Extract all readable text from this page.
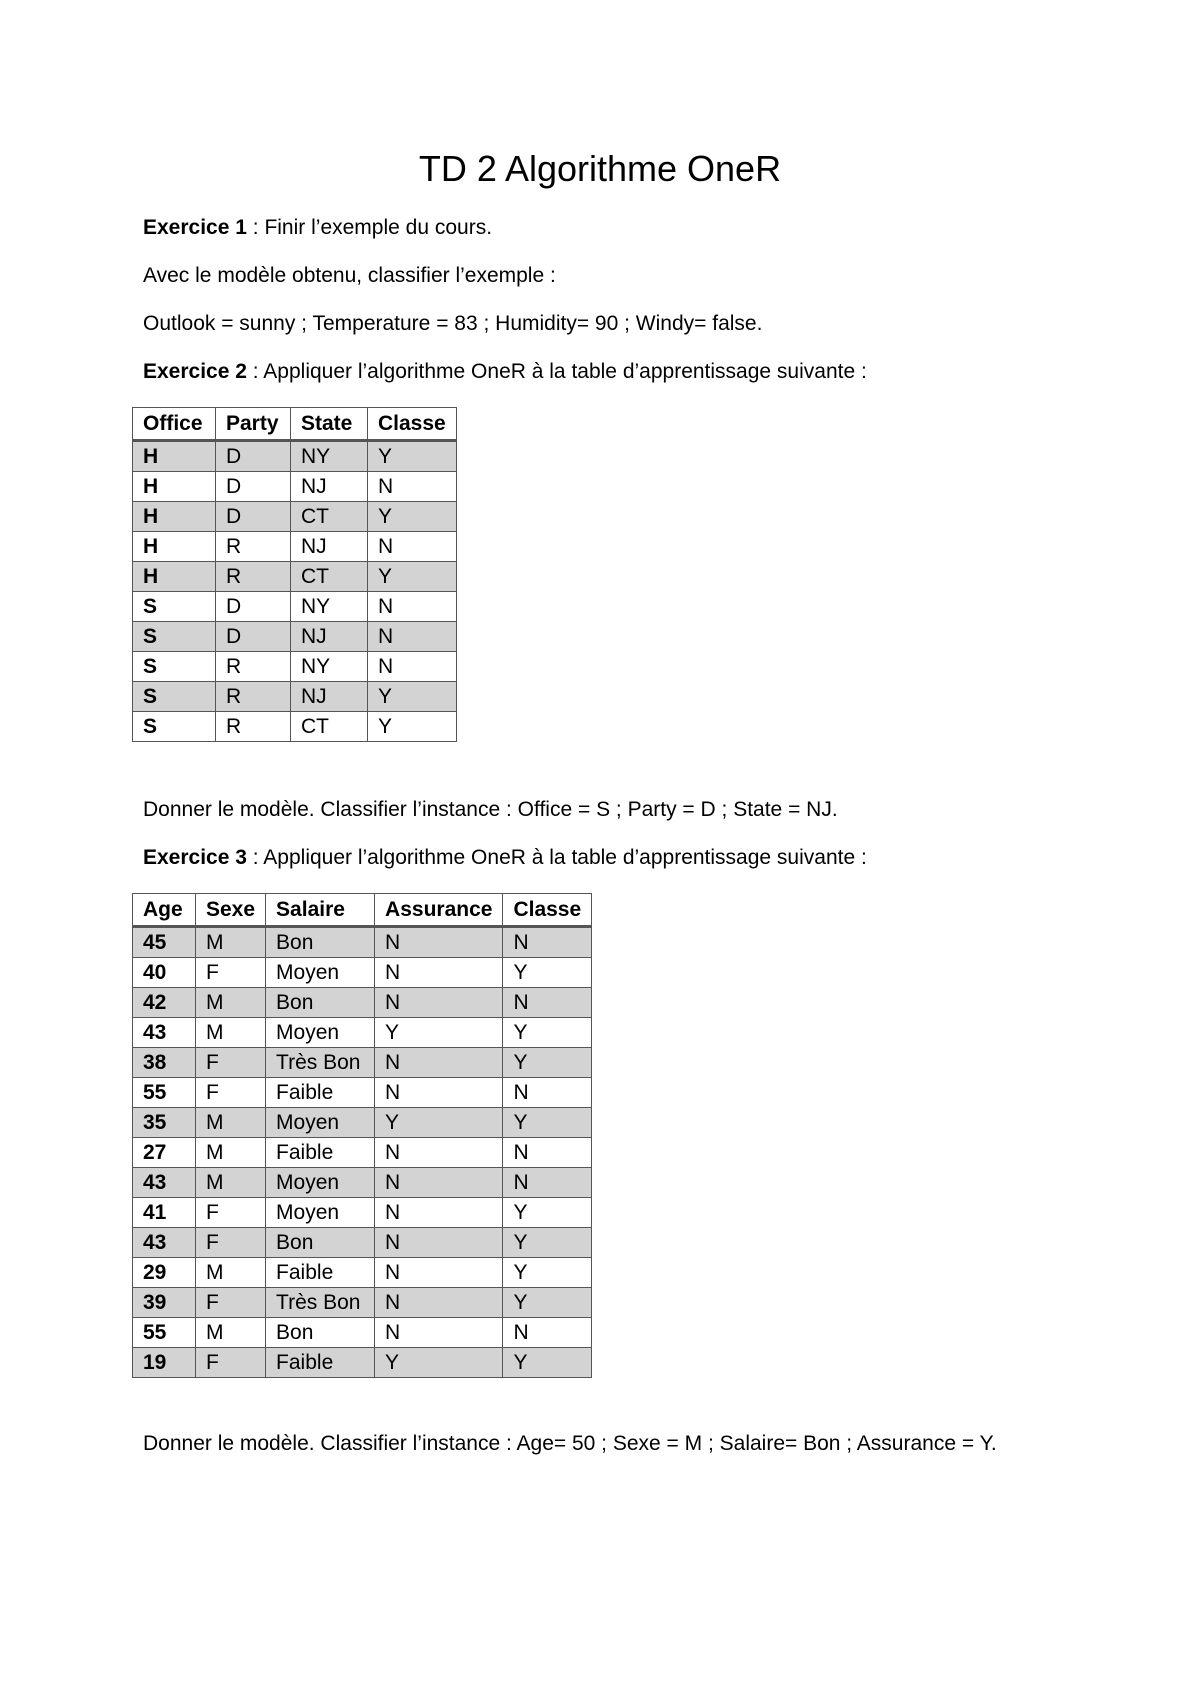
TD 2 Algorithme OneR
Exercice 1 : Finir l’exemple du cours.
Avec le modèle obtenu, classifier l’exemple :
Outlook = sunny ; Temperature = 83 ; Humidity= 90 ; Windy= false.
Exercice 2 : Appliquer l’algorithme OneR à la table d’apprentissage suivante :
Office	Party	State	Classe
H	D	NY	Y
H	D	NJ	N
H	D	CT	Y
H	R	NJ	N
H	R	CT	Y
S	D	NY	N
S	D	NJ	N
S	R	NY	N
S	R	NJ	Y
S	R	CT	Y
Donner le modèle. Classifier l’instance : Office = S ; Party = D ; State = NJ.
Exercice 3 : Appliquer l’algorithme OneR à la table d’apprentissage suivante :
Age	Sexe	Salaire	Assurance	Classe
45	M	Bon	N	N
40	F	Moyen	N	Y
42	M	Bon	N	N
43	M	Moyen	Y	Y
38	F	Très Bon	N	Y
55	F	Faible	N	N
35	M	Moyen	Y	Y
27	M	Faible	N	N
43	M	Moyen	N	N
41	F	Moyen	N	Y
43	F	Bon	N	Y
29	M	Faible	N	Y
39	F	Très Bon	N	Y
55	M	Bon	N	N
19	F	Faible	Y	Y
Donner le modèle. Classifier l’instance : Age= 50 ; Sexe = M ; Salaire= Bon ; Assurance = Y.
